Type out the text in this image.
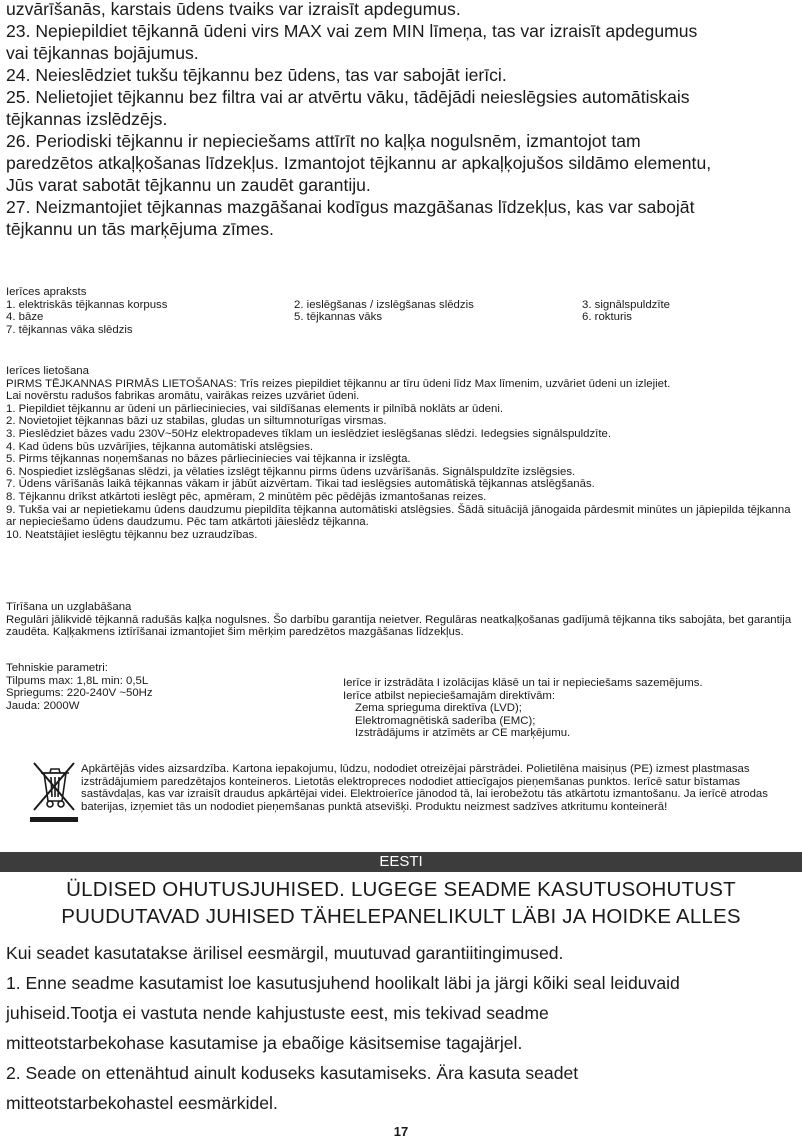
uzvārīšanās, karstais ūdens tvaiks var izraisīt apdegumus.

23. Nepiepildiet tējkannā ūdeni virs MAX vai zem MIN līmeņa, tas var izraisīt apdegumus

vai tējkannas bojājumus.

24. Neieslēdziet tukšu tējkannu bez ūdens, tas var sabojāt ierīci.

25. Nelietojiet tējkannu bez filtra vai ar atvērtu vāku, tādējādi neieslēgsies automātiskais

tējkannas izslēdzējs.

26. Periodiski tējkannu ir nepieciešams attīrīt no kaļķa nogulsnēm, izmantojot tam

paredzētos atkaļķošanas līdzekļus. Izmantojot tējkannu ar apkaļķojušos sildāmo elementu,

Jūs varat sabotāt tējkannu un zaudēt garantiju.

27. Neizmantojiet tējkannas mazgāšanai kodīgus mazgāšanas līdzekļus, kas var sabojāt

tējkannu un tās marķējuma zīmes.

Ierīces apraksts

1. elektriskās tējkannas korpuss	2. ieslēgšanas / izslēgšanas slēdzis	3. signālspuldzīte

4. bāze	5. tējkannas vāks	6. rokturis

7. tējkannas vāka slēdzis

Ierīces lietošana

PIRMS TĒJKANNAS PIRMĀS LIETOŠANAS: Trīs reizes piepildiet tējkannu ar tīru ūdeni līdz Max līmenim, uzvāriet ūdeni un izlejiet.

Lai novērstu radušos fabrikas aromātu, vairākas reizes uzvāriet ūdeni.

1. Piepildiet tējkannu ar ūdeni un pārlieciniecies, vai sildīšanas elements ir pilnībā noklāts ar ūdeni.

2. Novietojiet tējkannas bāzi uz stabilas, gludas un siltumnoturīgas virsmas.

3. Pieslēdziet bāzes vadu 230V~50Hz elektropadeves tīklam un ieslēdziet ieslēgšanas slēdzi. Iedegsies signālspuldzīte.

4. Kad ūdens būs uzvārījies, tējkanna automātiski atslēgsies.

5. Pirms tējkannas noņemšanas no bāzes pārlieciniecies vai tējkanna ir izslēgta.

6. Nospiediet izslēgšanas slēdzi, ja vēlaties izslēgt tējkannu pirms ūdens uzvārīšanās. Signālspuldzīte izslēgsies.

7. Ūdens vārīšanās laikā tējkannas vākam ir jābūt aizvērtam. Tikai tad ieslēgsies automātiskā tējkannas atslēgšanās.

8. Tējkannu drīkst atkārtoti ieslēgt pēc, apmēram, 2 minūtēm pēc pēdējās izmantošanas reizes.

9. Tukša vai ar nepietiekamu ūdens daudzumu piepildīta tējkanna automātiski atslēgsies. Šādā situācijā jānogaida pārdesmit minūtes un jāpiepilda tējkanna ar nepieciešamo ūdens daudzumu. Pēc tam atkārtoti jāieslēdz tējkanna.

10. Neatstājiet ieslēgtu tējkannu bez uzraudzības.

Tīrīšana un uzglabāšana

Regulāri jālikvidē tējkannā radušās kaļķa nogulsnes. Šo darbību garantija neietver. Regulāras neatkaļķošanas gadījumā tējkanna tiks sabojāta, bet garantija zaudēta. Kaļķakmens iztīrīšanai izmantojiet šim mērķim paredzētos mazgāšanas līdzekļus.

Tehniskie parametri:

Tilpums max: 1,8L min: 0,5L

Spriegums: 220-240V ~50Hz

Jauda: 2000W

Ierīce ir izstrādāta I izolācijas klāsē un tai ir nepieciešams sazemējums.

Ierīce atbilst nepieciešamajām direktīvām:

Zema sprieguma direktīva (LVD);

Elektromagnētiskā saderība (EMC);

Izstrādājums ir atzīmēts ar CE marķējumu.

Apkārtējās vides aizsardzība. Kartona iepakojumu, lūdzu, nododiet otreizējai pārstrādei. Polietilēna maisiņus (PE) izmest plastmasas izstrādājumiem paredzētajos konteineros. Lietotās elektropreces nododiet attiecīgajos pieņemšanas punktos. Ierīcē satur bīstamas sastāvdaļas, kas var izraisīt draudus apkārtējai videi. Elektroierīce jānodod tā, lai ierobežotu tās atkārtotu izmantošanu. Ja ierīcē atrodas baterijas, izņemiet tās un nododiet pieņemšanas punktā atsevišķi. Produktu neizmest sadzīves atkritumu konteinerā!

EESTI

ÜLDISED OHUTUSJUHISED. LUGEGE SEADME KASUTUSOHUTUST

PUUDUTAVAD JUHISED TÄHELEPANELIKULT LÄBI JA HOIDKE ALLES

Kui seadet kasutatakse ärilisel eesmärgil, muutuvad garantiitingimused.

1. Enne seadme kasutamist loe kasutusjuhend hoolikalt läbi ja järgi kõiki seal leiduvaid

juhiseid.Tootja ei vastuta nende kahjustuste eest, mis tekivad seadme

mitteotstarbekohase kasutamise ja ebaõige käsitsemise tagajärjel.

2. Seade on ettenähtud ainult koduseks kasutamiseks. Ära kasuta seadet

mitteotstarbekohastel eesmärkidel.

17
